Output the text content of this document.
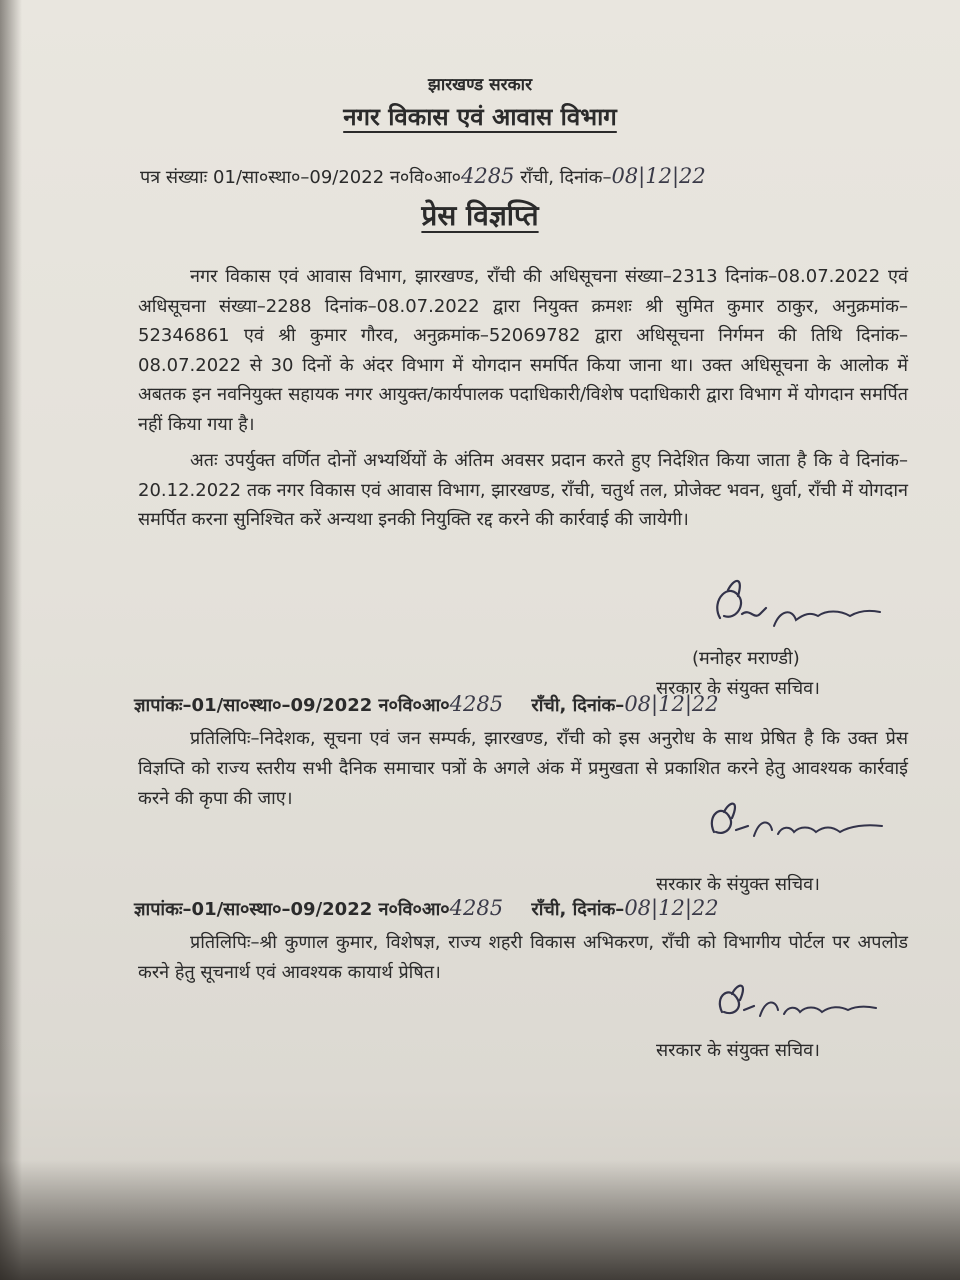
झारखण्ड सरकार
नगर विकास एवं आवास विभाग
पत्र संख्याः 01/सा०स्था०–09/2022 न०वि०आ०4285 राँची, दिनांक–08|12|22
प्रेस विज्ञप्ति
नगर विकास एवं आवास विभाग, झारखण्ड, राँची की अधिसूचना संख्या–2313 दिनांक–08.07.2022 एवं अधिसूचना संख्या–2288 दिनांक–08.07.2022 द्वारा नियुक्त क्रमशः श्री सुमित कुमार ठाकुर, अनुक्रमांक–52346861 एवं श्री कुमार गौरव, अनुक्रमांक–52069782 द्वारा अधिसूचना निर्गमन की तिथि दिनांक–08.07.2022 से 30 दिनों के अंदर विभाग में योगदान समर्पित किया जाना था। उक्त अधिसूचना के आलोक में अबतक इन नवनियुक्त सहायक नगर आयुक्त/कार्यपालक पदाधिकारी/विशेष पदाधिकारी द्वारा विभाग में योगदान समर्पित नहीं किया गया है।
अतः उपर्युक्त वर्णित दोनों अभ्यर्थियों के अंतिम अवसर प्रदान करते हुए निदेशित किया जाता है कि वे दिनांक–20.12.2022 तक नगर विकास एवं आवास विभाग, झारखण्ड, राँची, चतुर्थ तल, प्रोजेक्ट भवन, धुर्वा, राँची में योगदान समर्पित करना सुनिश्चित करें अन्यथा इनकी नियुक्ति रद्द करने की कार्रवाई की जायेगी।
(मनोहर मराण्डी)
सरकार के संयुक्त सचिव।
ज्ञापांकः–01/सा०स्था०–09/2022 न०वि०आ०4285 राँची, दिनांक–08|12|22
प्रतिलिपिः–निदेशक, सूचना एवं जन सम्पर्क, झारखण्ड, राँची को इस अनुरोध के साथ प्रेषित है कि उक्त प्रेस विज्ञप्ति को राज्य स्तरीय सभी दैनिक समाचार पत्रों के अगले अंक में प्रमुखता से प्रकाशित करने हेतु आवश्यक कार्रवाई करने की कृपा की जाए।
सरकार के संयुक्त सचिव।
ज्ञापांकः–01/सा०स्था०–09/2022 न०वि०आ०4285 राँची, दिनांक–08|12|22
प्रतिलिपिः–श्री कुणाल कुमार, विशेषज्ञ, राज्य शहरी विकास अभिकरण, राँची को विभागीय पोर्टल पर अपलोड करने हेतु सूचनार्थ एवं आवश्यक कायार्थ प्रेषित।
सरकार के संयुक्त सचिव।
